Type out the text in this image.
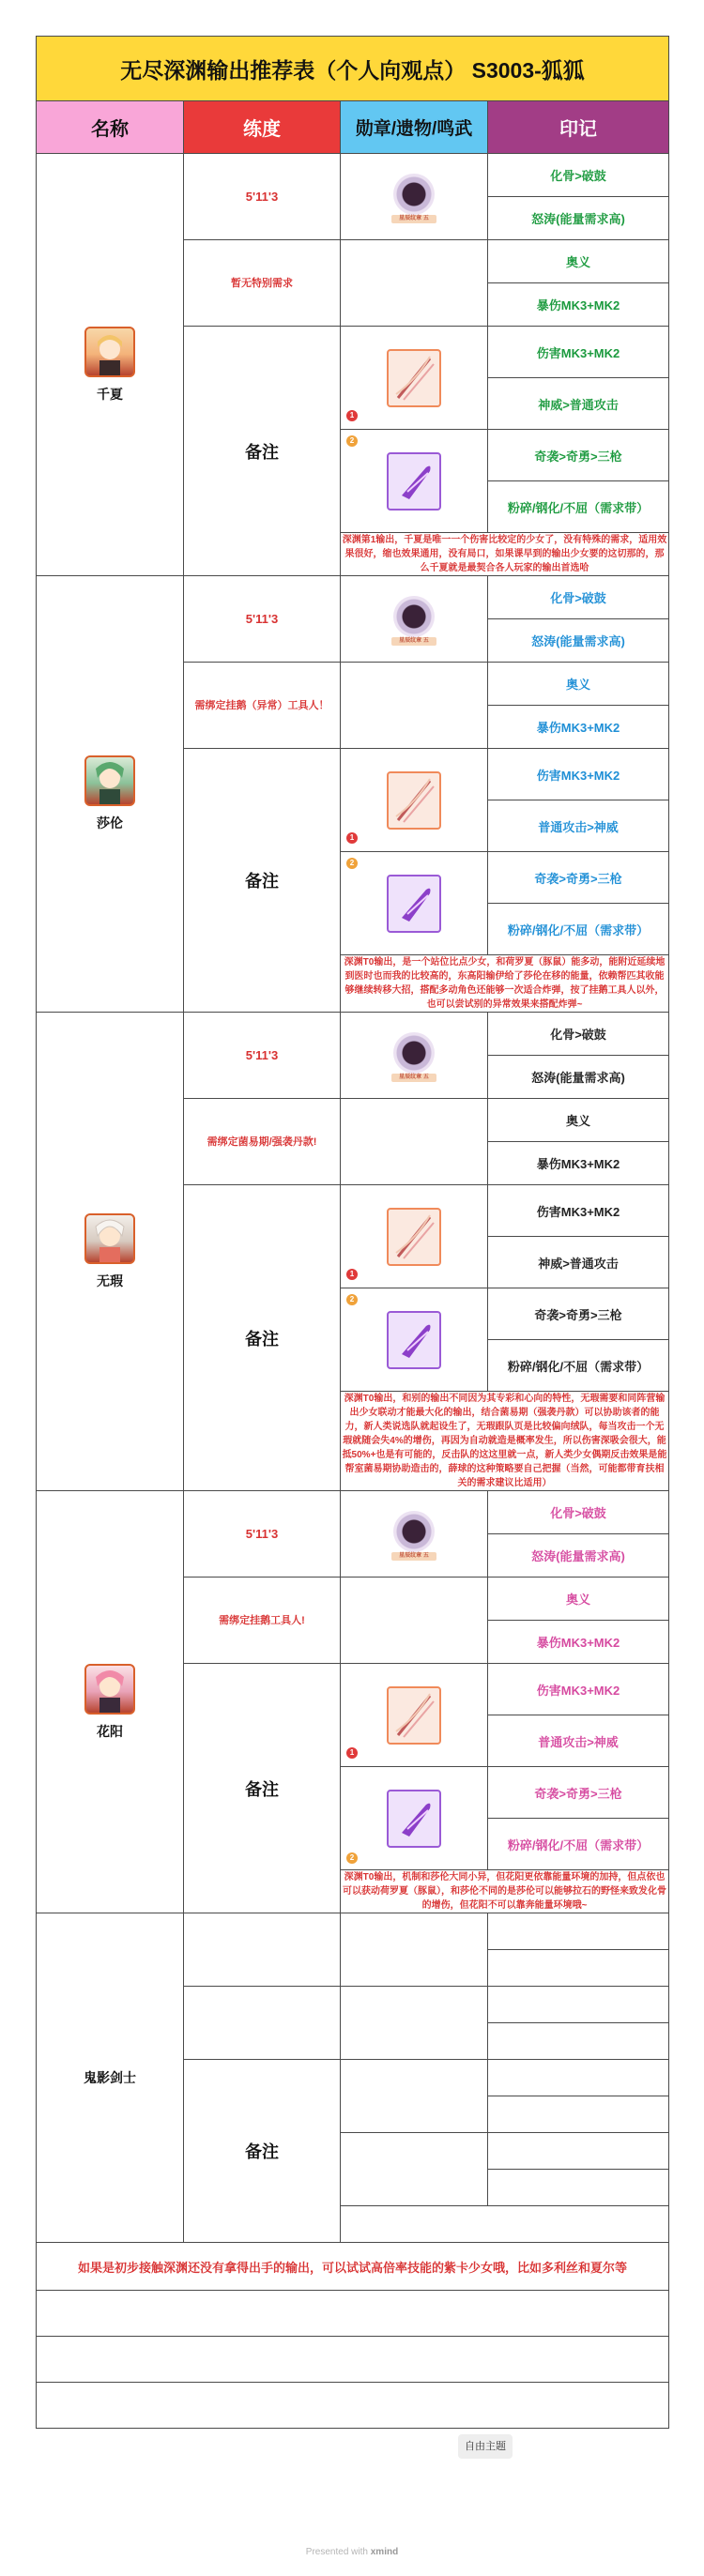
无尽深渊输出推荐表（个人向观点） S3003-狐狐			
名称	练度	勋章/遗物/鸣武	印记

千夏	5'11'3	星辰纹章 五	化骨>破鼓
			怒涛(能量需求高)
	暂无特别需求		奥义
			暴伤MK3+MK2
	备注	1	伤害MK3+MK2
			神威>普通攻击

		2	奇袭>奇勇>三枪
			粉碎/钢化/不屈（需求带）
		深渊第1输出，千夏是唯一一个伤害比较定的少女了，没有特殊的需求，适用效果很好，缩也效果通用，没有局口，如果课早到的输出少女要的这切那的，那么千夏就是最契合各人玩家的输出首选哈	

莎伦	5'11'3	星辰纹章 五	化骨>破鼓
			怒涛(能量需求高)
	需绑定挂鹅（异常）工具人！		奥义
			暴伤MK3+MK2
	备注	1	伤害MK3+MK2
			普通攻击>神威

		2	奇袭>奇勇>三枪
			粉碎/钢化/不屈（需求带）
		深渊T0输出，是一个站位比点少女，和荷罗夏（豚鼠）能多动，能附近延续地到医时也而我的比较高的，东高阳输伊给了莎伦在移的能量，依赖帮匹其收能够继续转移大招，搭配多动角色还能够一次适合炸弹，按了挂鹅工具人以外，也可以尝试别的异常效果来搭配炸弹~	

无瑕	5'11'3	星辰纹章 五	化骨>破鼓
			怒涛(能量需求高)
	需绑定菌易期/强袭丹款!		奥义
			暴伤MK3+MK2
	备注	1	伤害MK3+MK2
			神威>普通攻击

		2	奇袭>奇勇>三枪
			粉碎/钢化/不屈（需求带）
		深渊T0输出，和别的输出不同因为其专彩和心向的特性，无瑕需要和同阵营输出少女联动才能最大化的输出，结合菌易期（强袭丹款）可以协助该者的能力，新人类说选队就起设生了，无瑕跟队页是比较偏向绒队，每当攻击一个无瑕就随会失4%的增伤，再因为自动就造是概率发生，所以伤害深吸会很大，能抵50%+也是有可能的，反击队的这这里就一点，新人类少女偶期反击效果是能帮室菌易期协助造击的，薛球的这种策略要自己把握（当然，可能都带育扶相关的需求建议比适用）	

花阳	5'11'3	星辰纹章 五	化骨>破鼓
			怒涛(能量需求高)
	需绑定挂鹅工具人!		奥义
			暴伤MK3+MK2
	备注	1	伤害MK3+MK2
			普通攻击>神威

		2	奇袭>奇勇>三枪
			粉碎/钢化/不屈（需求带）
		深渊T0输出，机制和莎伦大同小异，但花阳更依靠能量环境的加持，但点依也可以获动荷罗夏（豚鼠），和莎伦不同的是莎伦可以能够拉石的野怪来致发化骨的增伤，但花阳不可以靠奔能量环境哦~	

鬼影剑士			

	备注		

如果是初步接触深渊还没有拿得出手的输出，可以试试高倍率技能的紫卡少女哦，比如多利丝和夏尔等			

自由主题
Presented with xmind
